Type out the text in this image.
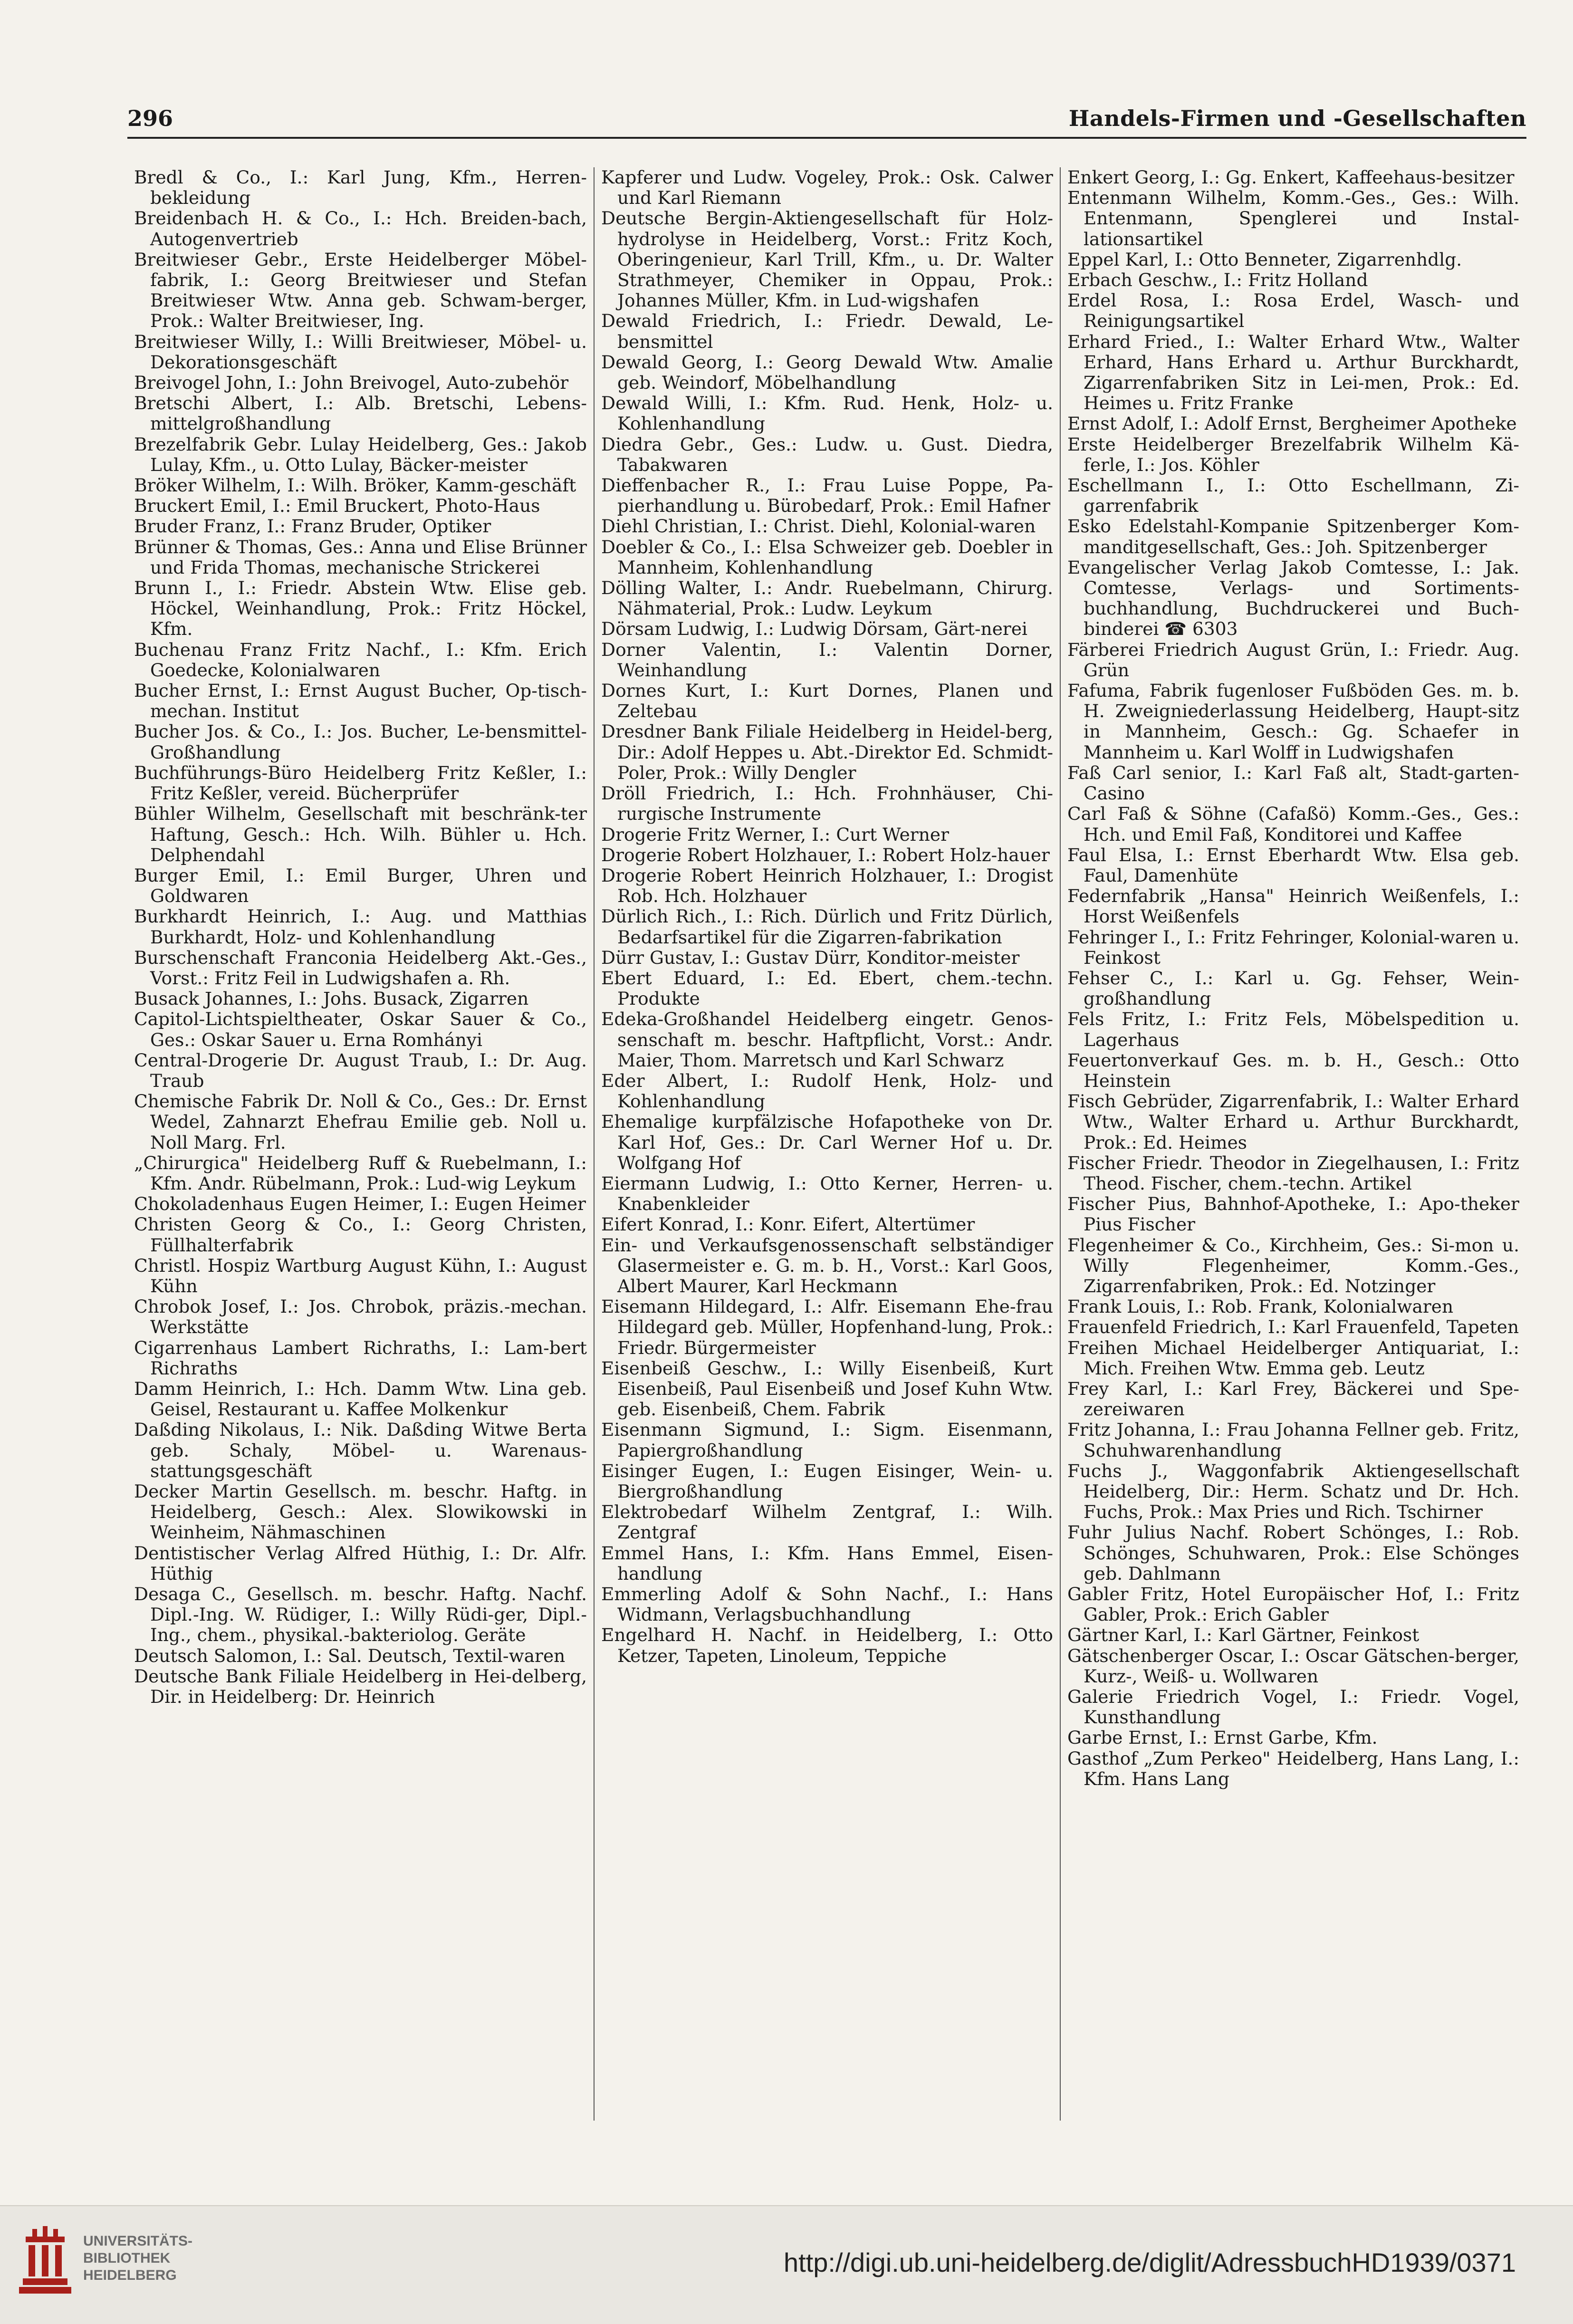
296	Handels-Firmen und -Gesellschaften

Bredl & Co., I.: Karl Jung, Kfm., Herren-bekleidung

Breidenbach H. & Co., I.: Hch. Breiden-bach, Autogenvertrieb

Breitwieser Gebr., Erste Heidelberger Möbel-fabrik, I.: Georg Breitwieser und Stefan Breitwieser Wtw. Anna geb. Schwam-berger, Prok.: Walter Breitwieser, Ing.

Breitwieser Willy, I.: Willi Breitwieser, Möbel- u. Dekorationsgeschäft

Breivogel John, I.: John Breivogel, Auto-zubehör

Bretschi Albert, I.: Alb. Bretschi, Lebens-mittelgroßhandlung

Brezelfabrik Gebr. Lulay Heidelberg, Ges.: Jakob Lulay, Kfm., u. Otto Lulay, Bäcker-meister

Bröker Wilhelm, I.: Wilh. Bröker, Kamm-geschäft

Bruckert Emil, I.: Emil Bruckert, Photo-Haus

Bruder Franz, I.: Franz Bruder, Optiker

Brünner & Thomas, Ges.: Anna und Elise Brünner und Frida Thomas, mechanische Strickerei

Brunn I., I.: Friedr. Abstein Wtw. Elise geb. Höckel, Weinhandlung, Prok.: Fritz Höckel, Kfm.

Buchenau Franz Fritz Nachf., I.: Kfm. Erich Goedecke, Kolonialwaren

Bucher Ernst, I.: Ernst August Bucher, Op-tisch-mechan. Institut

Bucher Jos. & Co., I.: Jos. Bucher, Le-bensmittel-Großhandlung

Buchführungs-Büro Heidelberg Fritz Keßler, I.: Fritz Keßler, vereid. Bücherprüfer

Bühler Wilhelm, Gesellschaft mit beschränk-ter Haftung, Gesch.: Hch. Wilh. Bühler u. Hch. Delphendahl

Burger Emil, I.: Emil Burger, Uhren und Goldwaren

Burkhardt Heinrich, I.: Aug. und Matthias Burkhardt, Holz- und Kohlenhandlung

Burschenschaft Franconia Heidelberg Akt.-Ges., Vorst.: Fritz Feil in Ludwigshafen a. Rh.

Busack Johannes, I.: Johs. Busack, Zigarren

Capitol-Lichtspieltheater, Oskar Sauer & Co., Ges.: Oskar Sauer u. Erna Romhányi

Central-Drogerie Dr. August Traub, I.: Dr. Aug. Traub

Chemische Fabrik Dr. Noll & Co., Ges.: Dr. Ernst Wedel, Zahnarzt Ehefrau Emilie geb. Noll u. Noll Marg. Frl.

„Chirurgica" Heidelberg Ruff & Ruebelmann, I.: Kfm. Andr. Rübelmann, Prok.: Lud-wig Leykum

Chokoladenhaus Eugen Heimer, I.: Eugen Heimer

Christen Georg & Co., I.: Georg Christen, Füllhalterfabrik

Christl. Hospiz Wartburg August Kühn, I.: August Kühn

Chrobok Josef, I.: Jos. Chrobok, präzis.-mechan. Werkstätte

Cigarrenhaus Lambert Richraths, I.: Lam-bert Richraths

Damm Heinrich, I.: Hch. Damm Wtw. Lina geb. Geisel, Restaurant u. Kaffee Molkenkur

Daßding Nikolaus, I.: Nik. Daßding Witwe Berta geb. Schaly, Möbel- u. Warenaus-stattungsgeschäft

Decker Martin Gesellsch. m. beschr. Haftg. in Heidelberg, Gesch.: Alex. Slowikowski in Weinheim, Nähmaschinen

Dentistischer Verlag Alfred Hüthig, I.: Dr. Alfr. Hüthig

Desaga C., Gesellsch. m. beschr. Haftg. Nachf. Dipl.-Ing. W. Rüdiger, I.: Willy Rüdi-ger, Dipl.-Ing., chem., physikal.-bakteriolog. Geräte

Deutsch Salomon, I.: Sal. Deutsch, Textil-waren

Deutsche Bank Filiale Heidelberg in Hei-delberg, Dir. in Heidelberg: Dr. Heinrich

Kapferer und Ludw. Vogeley, Prok.: Osk. Calwer und Karl Riemann

Deutsche Bergin-Aktiengesellschaft für Holz-hydrolyse in Heidelberg, Vorst.: Fritz Koch, Oberingenieur, Karl Trill, Kfm., u. Dr. Walter Strathmeyer, Chemiker in Oppau, Prok.: Johannes Müller, Kfm. in Lud-wigshafen

Dewald Friedrich, I.: Friedr. Dewald, Le-bensmittel

Dewald Georg, I.: Georg Dewald Wtw. Amalie geb. Weindorf, Möbelhandlung

Dewald Willi, I.: Kfm. Rud. Henk, Holz- u. Kohlenhandlung

Diedra Gebr., Ges.: Ludw. u. Gust. Diedra, Tabakwaren

Dieffenbacher R., I.: Frau Luise Poppe, Pa-pierhandlung u. Bürobedarf, Prok.: Emil Hafner

Diehl Christian, I.: Christ. Diehl, Kolonial-waren

Doebler & Co., I.: Elsa Schweizer geb. Doebler in Mannheim, Kohlenhandlung

Dölling Walter, I.: Andr. Ruebelmann, Chirurg. Nähmaterial, Prok.: Ludw. Leykum

Dörsam Ludwig, I.: Ludwig Dörsam, Gärt-nerei

Dorner Valentin, I.: Valentin Dorner, Weinhandlung

Dornes Kurt, I.: Kurt Dornes, Planen und Zeltebau

Dresdner Bank Filiale Heidelberg in Heidel-berg, Dir.: Adolf Heppes u. Abt.-Direktor Ed. Schmidt-Poler, Prok.: Willy Dengler

Dröll Friedrich, I.: Hch. Frohnhäuser, Chi-rurgische Instrumente

Drogerie Fritz Werner, I.: Curt Werner

Drogerie Robert Holzhauer, I.: Robert Holz-hauer

Drogerie Robert Heinrich Holzhauer, I.: Drogist Rob. Hch. Holzhauer

Dürlich Rich., I.: Rich. Dürlich und Fritz Dürlich, Bedarfsartikel für die Zigarren-fabrikation

Dürr Gustav, I.: Gustav Dürr, Konditor-meister

Ebert Eduard, I.: Ed. Ebert, chem.-techn. Produkte

Edeka-Großhandel Heidelberg eingetr. Genos-senschaft m. beschr. Haftpflicht, Vorst.: Andr. Maier, Thom. Marretsch und Karl Schwarz

Eder Albert, I.: Rudolf Henk, Holz- und Kohlenhandlung

Ehemalige kurpfälzische Hofapotheke von Dr. Karl Hof, Ges.: Dr. Carl Werner Hof u. Dr. Wolfgang Hof

Eiermann Ludwig, I.: Otto Kerner, Herren- u. Knabenkleider

Eifert Konrad, I.: Konr. Eifert, Altertümer

Ein- und Verkaufsgenossenschaft selbständiger Glasermeister e. G. m. b. H., Vorst.: Karl Goos, Albert Maurer, Karl Heckmann

Eisemann Hildegard, I.: Alfr. Eisemann Ehe-frau Hildegard geb. Müller, Hopfenhand-lung, Prok.: Friedr. Bürgermeister

Eisenbeiß Geschw., I.: Willy Eisenbeiß, Kurt Eisenbeiß, Paul Eisenbeiß und Josef Kuhn Wtw. geb. Eisenbeiß, Chem. Fabrik

Eisenmann Sigmund, I.: Sigm. Eisenmann, Papiergroßhandlung

Eisinger Eugen, I.: Eugen Eisinger, Wein- u. Biergroßhandlung

Elektrobedarf Wilhelm Zentgraf, I.: Wilh. Zentgraf

Emmel Hans, I.: Kfm. Hans Emmel, Eisen-handlung

Emmerling Adolf & Sohn Nachf., I.: Hans Widmann, Verlagsbuchhandlung

Engelhard H. Nachf. in Heidelberg, I.: Otto Ketzer, Tapeten, Linoleum, Teppiche

Enkert Georg, I.: Gg. Enkert, Kaffeehaus-besitzer

Entenmann Wilhelm, Komm.-Ges., Ges.: Wilh. Entenmann, Spenglerei und Instal-lationsartikel

Eppel Karl, I.: Otto Benneter, Zigarrenhdlg.

Erbach Geschw., I.: Fritz Holland

Erdel Rosa, I.: Rosa Erdel, Wasch- und Reinigungsartikel

Erhard Fried., I.: Walter Erhard Wtw., Walter Erhard, Hans Erhard u. Arthur Burckhardt, Zigarrenfabriken Sitz in Lei-men, Prok.: Ed. Heimes u. Fritz Franke

Ernst Adolf, I.: Adolf Ernst, Bergheimer Apotheke

Erste Heidelberger Brezelfabrik Wilhelm Kä-ferle, I.: Jos. Köhler

Eschellmann I., I.: Otto Eschellmann, Zi-garrenfabrik

Esko Edelstahl-Kompanie Spitzenberger Kom-manditgesellschaft, Ges.: Joh. Spitzenberger

Evangelischer Verlag Jakob Comtesse, I.: Jak. Comtesse, Verlags- und Sortiments-buchhandlung, Buchdruckerei und Buch-binderei ☎ 6303

Färberei Friedrich August Grün, I.: Friedr. Aug. Grün

Fafuma, Fabrik fugenloser Fußböden Ges. m. b. H. Zweigniederlassung Heidelberg, Haupt-sitz in Mannheim, Gesch.: Gg. Schaefer in Mannheim u. Karl Wolff in Ludwigshafen

Faß Carl senior, I.: Karl Faß alt, Stadt-garten-Casino

Carl Faß & Söhne (Cafaßö) Komm.-Ges., Ges.: Hch. und Emil Faß, Konditorei und Kaffee

Faul Elsa, I.: Ernst Eberhardt Wtw. Elsa geb. Faul, Damenhüte

Federnfabrik „Hansa" Heinrich Weißenfels, I.: Horst Weißenfels

Fehringer I., I.: Fritz Fehringer, Kolonial-waren u. Feinkost

Fehser C., I.: Karl u. Gg. Fehser, Wein-großhandlung

Fels Fritz, I.: Fritz Fels, Möbelspedition u. Lagerhaus

Feuertonverkauf Ges. m. b. H., Gesch.: Otto Heinstein

Fisch Gebrüder, Zigarrenfabrik, I.: Walter Erhard Wtw., Walter Erhard u. Arthur Burckhardt, Prok.: Ed. Heimes

Fischer Friedr. Theodor in Ziegelhausen, I.: Fritz Theod. Fischer, chem.-techn. Artikel

Fischer Pius, Bahnhof-Apotheke, I.: Apo-theker Pius Fischer

Flegenheimer & Co., Kirchheim, Ges.: Si-mon u. Willy Flegenheimer, Komm.-Ges., Zigarrenfabriken, Prok.: Ed. Notzinger

Frank Louis, I.: Rob. Frank, Kolonialwaren

Frauenfeld Friedrich, I.: Karl Frauenfeld, Tapeten

Freihen Michael Heidelberger Antiquariat, I.: Mich. Freihen Wtw. Emma geb. Leutz

Frey Karl, I.: Karl Frey, Bäckerei und Spe-zereiwaren

Fritz Johanna, I.: Frau Johanna Fellner geb. Fritz, Schuhwarenhandlung

Fuchs J., Waggonfabrik Aktiengesellschaft Heidelberg, Dir.: Herm. Schatz und Dr. Hch. Fuchs, Prok.: Max Pries und Rich. Tschirner

Fuhr Julius Nachf. Robert Schönges, I.: Rob. Schönges, Schuhwaren, Prok.: Else Schönges geb. Dahlmann

Gabler Fritz, Hotel Europäischer Hof, I.: Fritz Gabler, Prok.: Erich Gabler

Gärtner Karl, I.: Karl Gärtner, Feinkost

Gätschenberger Oscar, I.: Oscar Gätschen-berger, Kurz-, Weiß- u. Wollwaren

Galerie Friedrich Vogel, I.: Friedr. Vogel, Kunsthandlung

Garbe Ernst, I.: Ernst Garbe, Kfm.

Gasthof „Zum Perkeo" Heidelberg, Hans Lang, I.: Kfm. Hans Lang

UNIVERSITÄTS-
BIBLIOTHEK
HEIDELBERG	http://digi.ub.uni-heidelberg.de/diglit/AdressbuchHD1939/0371
